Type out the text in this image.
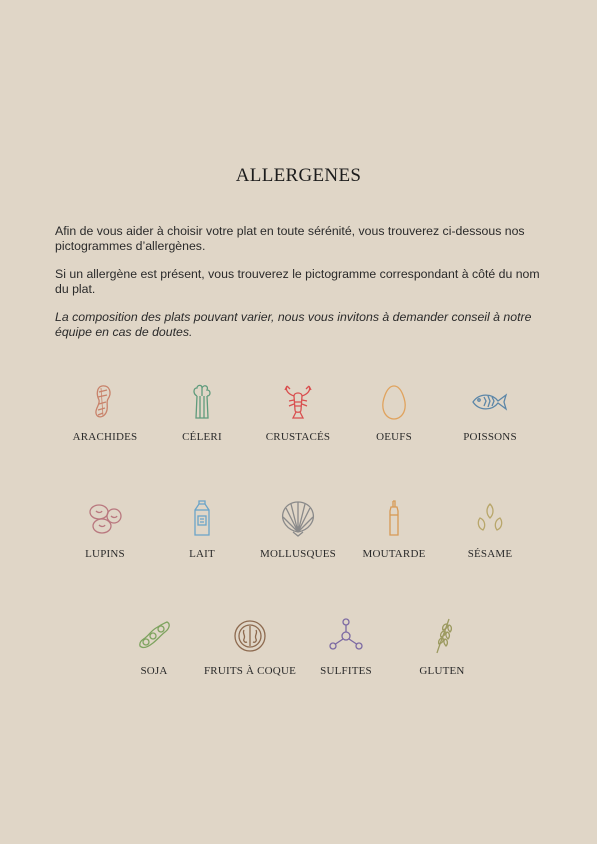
ALLERGENES

Afin de vous aider à choisir votre plat en toute sérénité, vous trouverez ci-dessous nos pictogrammes d’allergènes.

Si un allergène est présent, vous trouverez le pictogramme correspondant à côté du nom du plat.

La composition des plats pouvant varier, nous vous invitons à demander conseil à notre équipe en cas de doutes.

ARACHIDES	CÉLERI	CRUSTACÉS	OEUFS	POISSONS
LUPINS	LAIT	MOLLUSQUES	MOUTARDE	SÉSAME
SOJA	FRUITS À COQUE	SULFITES	GLUTEN
